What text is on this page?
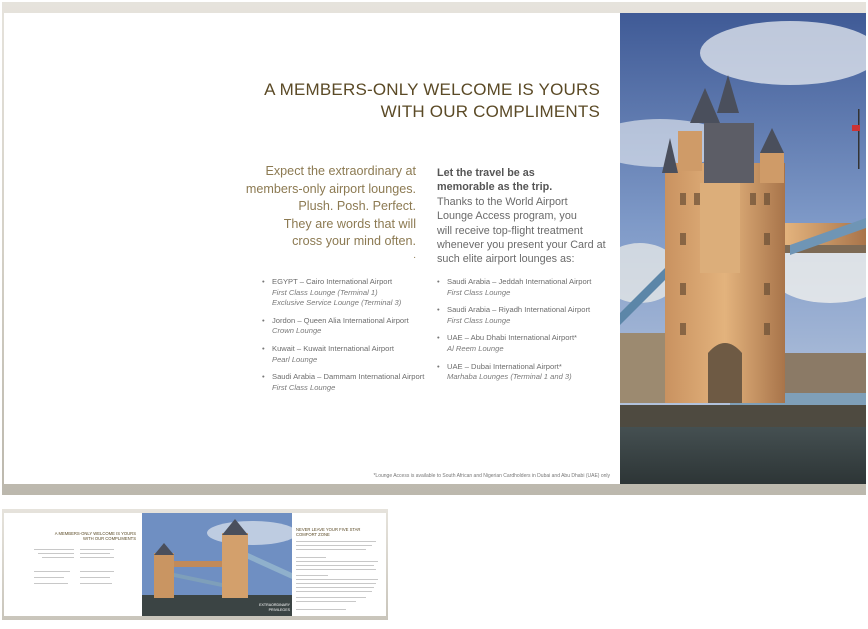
A MEMBERS-ONLY WELCOME IS YOURS
WITH OUR COMPLIMENTS
Expect the extraordinary at
members-only airport lounges.
Plush. Posh. Perfect.
They are words that will
cross your mind often.
.
Let the travel be as
memorable as the trip.
Thanks to the World Airport
Lounge Access program, you
will receive top-flight treatment
whenever you present your Card at
such elite airport lounges as:
• EGYPT – Cairo International Airport
First Class Lounge (Terminal 1)
Exclusive Service Lounge (Terminal 3)
• Jordon – Queen Alia International Airport
Crown Lounge
• Kuwait – Kuwait International Airport
Pearl Lounge
• Saudi Arabia – Dammam International Airport
First Class Lounge
• Saudi Arabia – Jeddah International Airport
First Class Lounge
• Saudi Arabia – Riyadh International Airport
First Class Lounge
• UAE – Abu Dhabi International Airport*
Al Reem Lounge
• UAE – Dubai International Airport*
Marhaba Lounges (Terminal 1 and 3)
*Lounge Access is available to South African and Nigerian Cardholders in Dubai and Abu Dhabi (UAE) only
A MEMBERS-ONLY WELCOME IS YOURS
WITH OUR COMPLIMENTS
EXTRAORDINARY
PRIVILEGES
NEVER LEAVE YOUR FIVE STAR
COMFORT ZONE
